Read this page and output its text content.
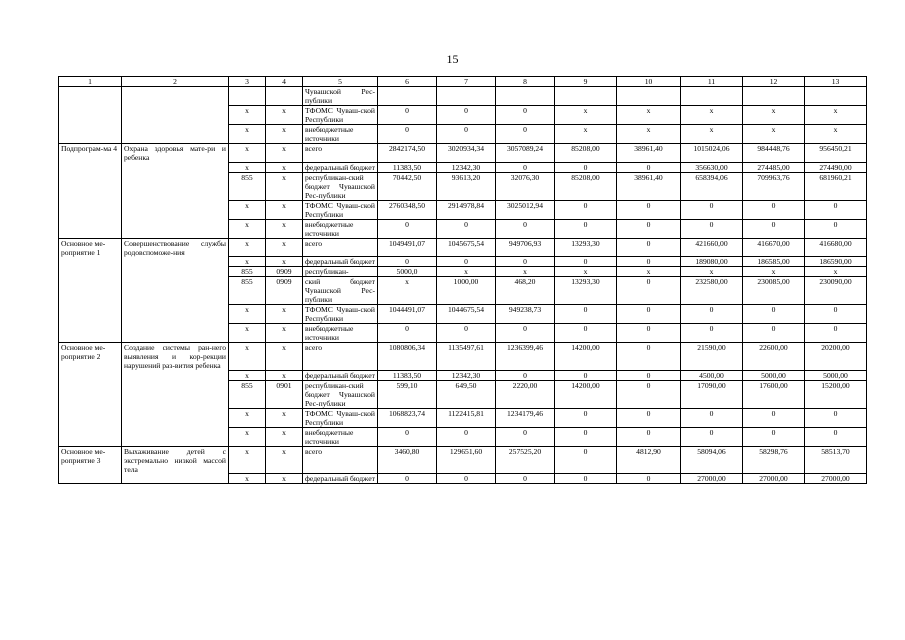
15
1	2	3	4	5	6	7	8	9	10	11	12	13
				Чувашской Рес-публики								
		х	х	ТФОМС Чуваш-ской Республики	0	0	0	х	х	х	х	х
		х	х	внебюджетные источники	0	0	0	х	х	х	х	х
Подпрограм-ма 4	Охрана здоровья мате-ри и ребенка	х	х	всего	2842174,50	3020934,34	3057089,24	85208,00	38961,40	1015024,06	984448,76	956450,21
		х	х	федеральный бюджет	11383,50	12342,30	0	0	0	356630,00	274485,00	274490,00
		855	х	республикан-ский бюджет Чувашской Рес-публики	70442,50	93613,20	32076,30	85208,00	38961,40	658394,06	709963,76	681960,21
		х	х	ТФОМС Чуваш-ской Республики	2760348,50	2914978,84	3025012,94	0	0	0	0	0
		х	х	внебюджетные источники	0	0	0	0	0	0	0	0
Основное ме-роприятие 1	Совершенствование службы родовспоможе-ния	х	х	всего	1049491,07	1045675,54	949706,93	13293,30	0	421660,00	416670,00	416680,00
		х	х	федеральный бюджет	0	0	0	0	0	189080,00	186585,00	186590,00
		855	0909	республикан-	5000,0	х	х	х	х	х	х	х
		855	0909	ский бюджет Чувашской Рес-публики	х	1000,00	468,20	13293,30	0	232580,00	230085,00	230090,00
		х	х	ТФОМС Чуваш-ской Республики	1044491,07	1044675,54	949238,73	0	0	0	0	0
		х	х	внебюджетные источники	0	0	0	0	0	0	0	0
Основное ме-роприятие 2	Создание системы ран-него выявления и кор-рекции нарушений раз-вития ребенка	х	х	всего	1080806,34	1135497,61	1236399,46	14200,00	0	21590,00	22600,00	20200,00
		х	х	федеральный бюджет	11383,50	12342,30	0	0	0	4500,00	5000,00	5000,00
		855	0901	республикан-ский бюджет Чувашской Рес-публики	599,10	649,50	2220,00	14200,00	0	17090,00	17600,00	15200,00
		х	х	ТФОМС Чуваш-ской Республики	1068823,74	1122415,81	1234179,46	0	0	0	0	0
		х	х	внебюджетные источники	0	0	0	0	0	0	0	0
Основное ме-роприятие 3	Выхаживание детей с экстремально низкой массой тела	х	х	всего	3460,80	129651,60	257525,20	0	4812,90	58094,06	58298,76	58513,70
		х	х	федеральный бюджет	0	0	0	0	0	27000,00	27000,00	27000,00
